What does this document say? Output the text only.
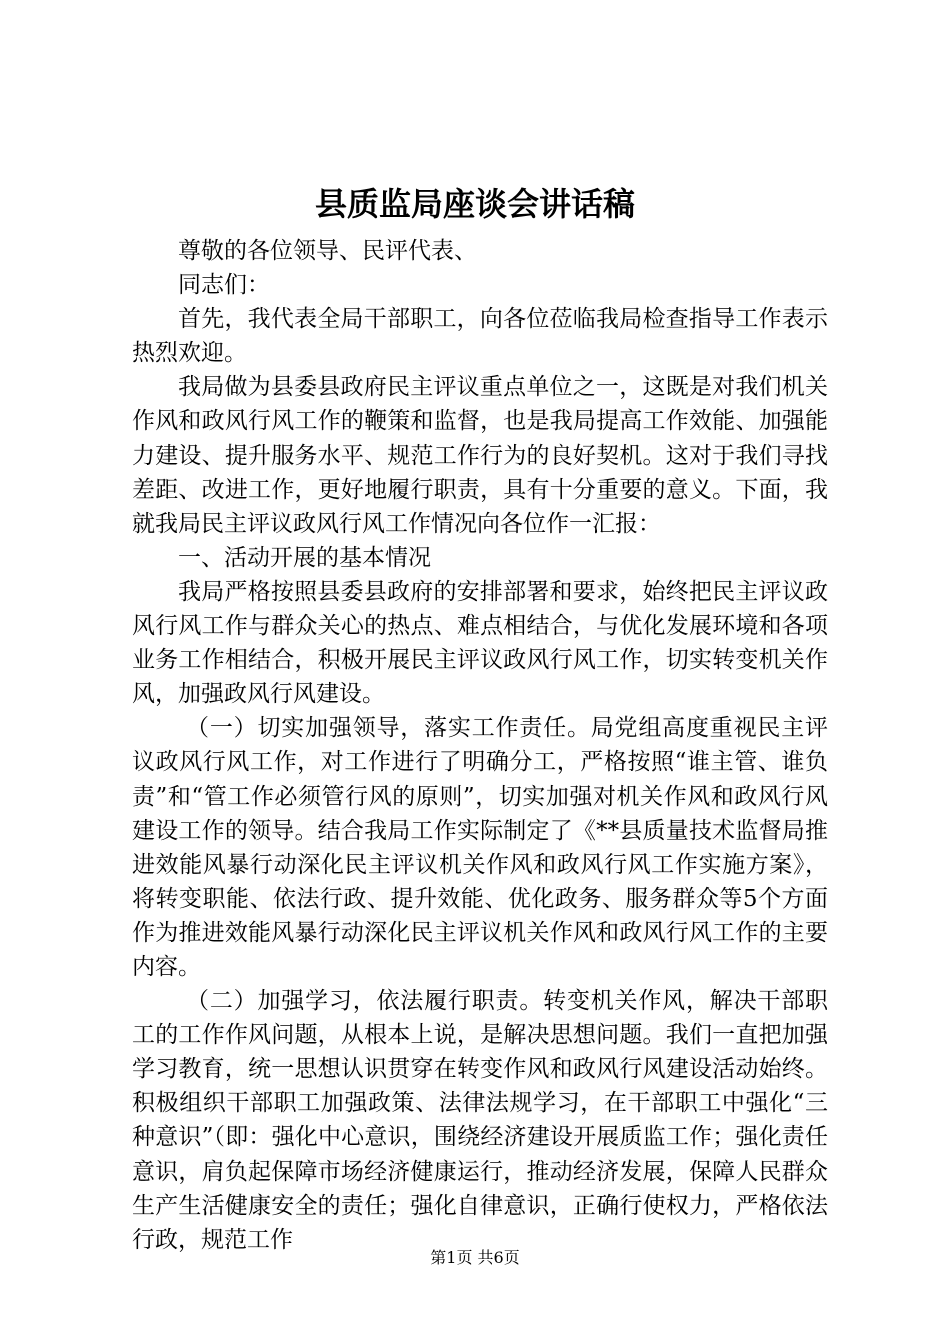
县质监局座谈会讲话稿

尊敬的各位领导、民评代表、

同志们：

首先，我代表全局干部职工，向各位莅临我局检查指导工作表示热烈欢迎。

我局做为县委县政府民主评议重点单位之一，这既是对我们机关作风和政风行风工作的鞭策和监督，也是我局提高工作效能、加强能力建设、提升服务水平、规范工作行为的良好契机。这对于我们寻找差距、改进工作，更好地履行职责，具有十分重要的意义。下面，我就我局民主评议政风行风工作情况向各位作一汇报：

一、活动开展的基本情况

我局严格按照县委县政府的安排部署和要求，始终把民主评议政风行风工作与群众关心的热点、难点相结合，与优化发展环境和各项业务工作相结合，积极开展民主评议政风行风工作，切实转变机关作风，加强政风行风建设。

（一）切实加强领导，落实工作责任。局党组高度重视民主评议政风行风工作，对工作进行了明确分工，严格按照“谁主管、谁负责”和“管工作必须管行风的原则”，切实加强对机关作风和政风行风建设工作的领导。结合我局工作实际制定了《**县质量技术监督局推进效能风暴行动深化民主评议机关作风和政风行风工作实施方案》，将转变职能、依法行政、提升效能、优化政务、服务群众等5个方面作为推进效能风暴行动深化民主评议机关作风和政风行风工作的主要内容。

（二）加强学习，依法履行职责。转变机关作风，解决干部职工的工作作风问题，从根本上说，是解决思想问题。我们一直把加强学习教育，统一思想认识贯穿在转变作风和政风行风建设活动始终。积极组织干部职工加强政策、法律法规学习，在干部职工中强化“三种意识”（即：强化中心意识，围绕经济建设开展质监工作；强化责任意识，肩负起保障市场经济健康运行，推动经济发展，保障人民群众生产生活健康安全的责任；强化自律意识，正确行使权力，严格依法行政，规范工作

第1页 共6页
